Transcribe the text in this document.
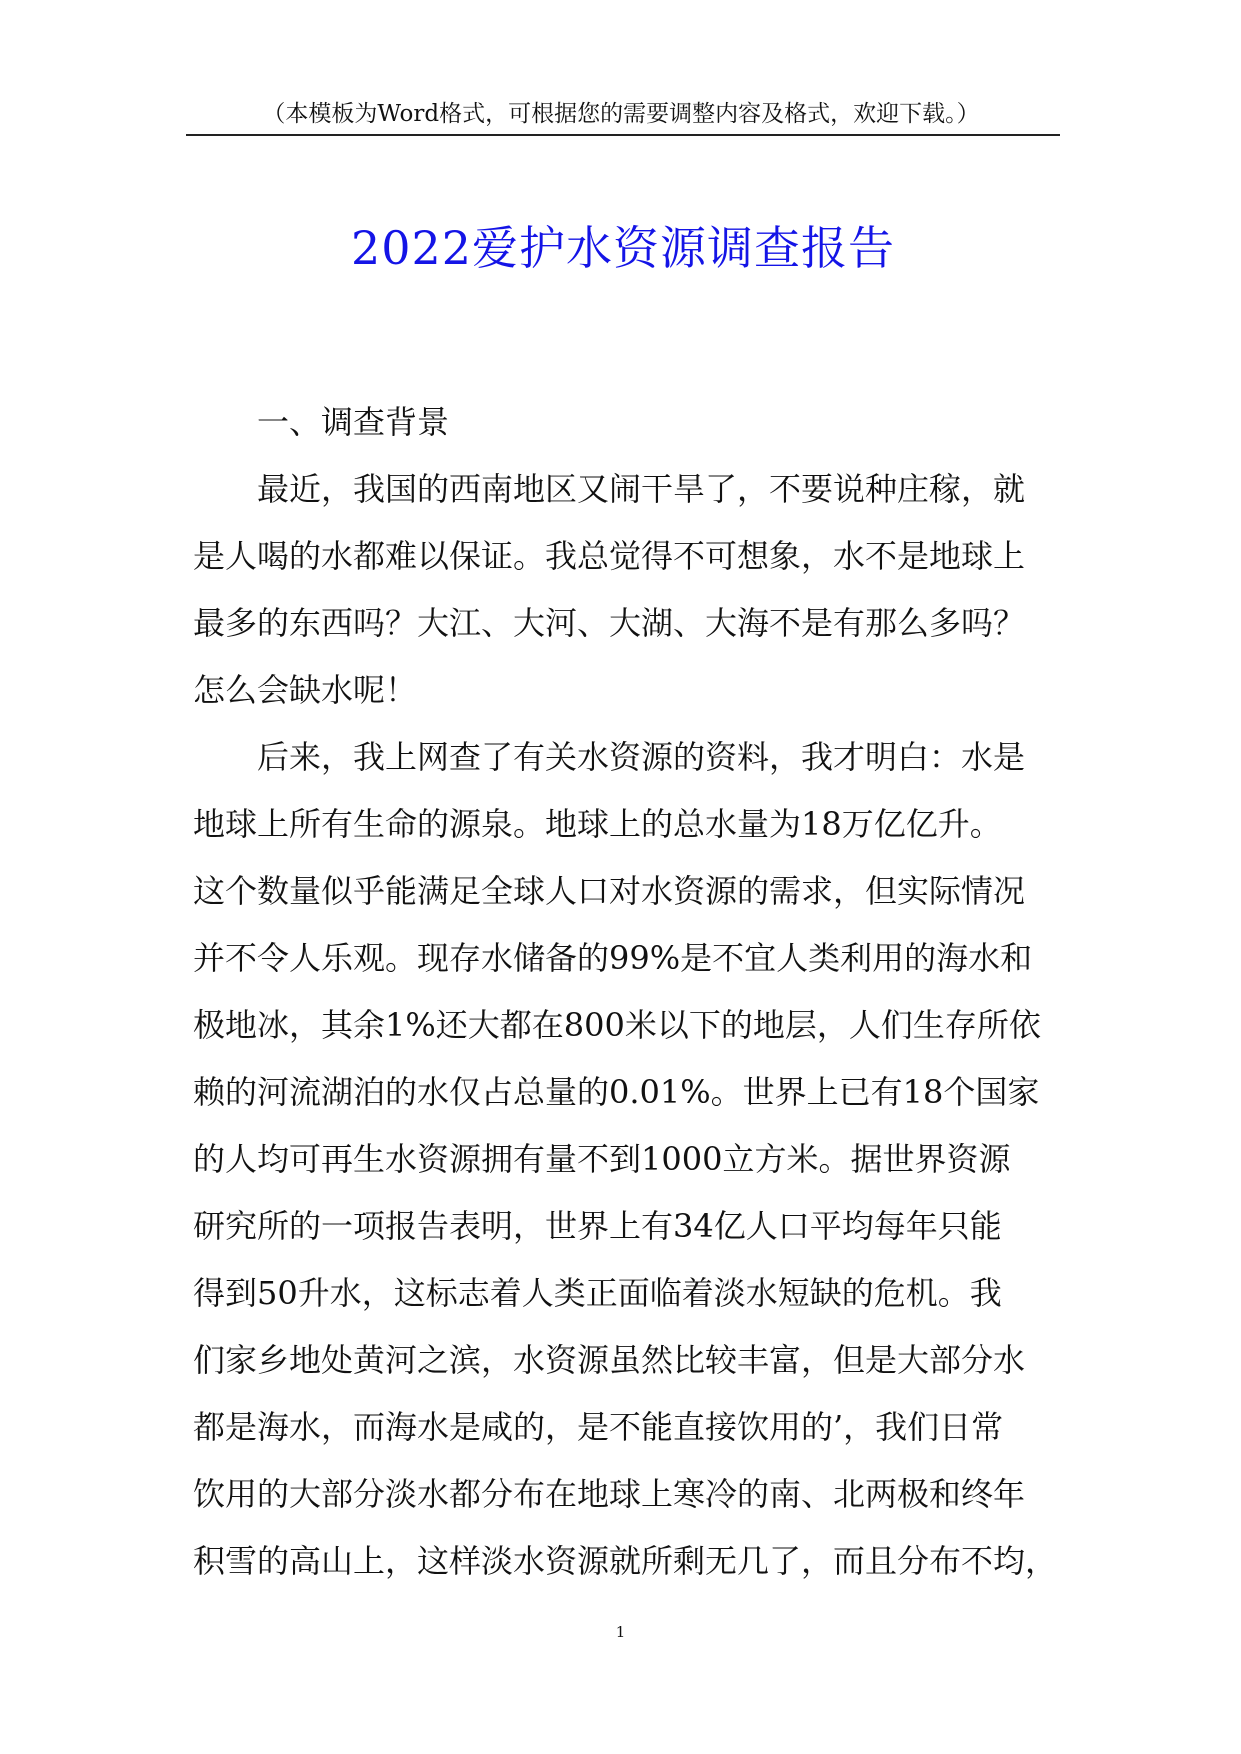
（本模板为Word格式，可根据您的需要调整内容及格式，欢迎下载。）
2022爱护水资源调查报告
一、调查背景
最近，我国的西南地区又闹干旱了，不要说种庄稼，就
是人喝的水都难以保证。我总觉得不可想象，水不是地球上
最多的东西吗？大江、大河、大湖、大海不是有那么多吗？
怎么会缺水呢！
后来，我上网查了有关水资源的资料，我才明白：水是
地球上所有生命的源泉。地球上的总水量为18万亿亿升。
这个数量似乎能满足全球人口对水资源的需求，但实际情况
并不令人乐观。现存水储备的99%是不宜人类利用的海水和
极地冰，其余1%还大都在800米以下的地层，人们生存所依
赖的河流湖泊的水仅占总量的0.01%。世界上已有18个国家
的人均可再生水资源拥有量不到1000立方米。据世界资源
研究所的一项报告表明，世界上有34亿人口平均每年只能
得到50升水，这标志着人类正面临着淡水短缺的危机。我
们家乡地处黄河之滨，水资源虽然比较丰富，但是大部分水
都是海水，而海水是咸的，是不能直接饮用的’，我们日常
饮用的大部分淡水都分布在地球上寒冷的南、北两极和终年
积雪的高山上，这样淡水资源就所剩无几了，而且分布不均，
1
